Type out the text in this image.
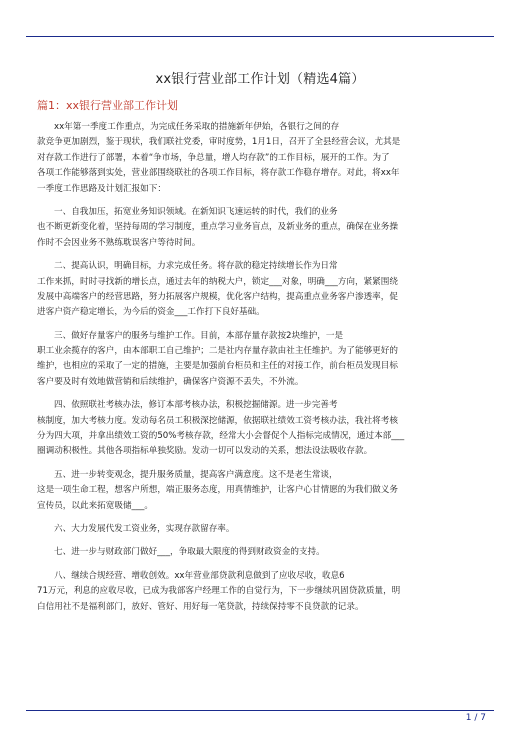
xx银行营业部工作计划（精选4篇）
篇1：xx银行营业部工作计划
xx年第一季度工作重点，为完成任务采取的措施新年伊始，各银行之间的存
款竞争更加剧烈，鉴于现状，我们联社党委，审时度势，1月1日，召开了全县经营会议，尤其是
对存款工作进行了部署，本着“争市场，争总量，增人均存款”的工作目标，展开的工作。为了
各项工作能够落到实处，营业部围绕联社的各项工作目标，将存款工作稳存增存。对此，将xx年
一季度工作思路及计划汇报如下：
一、自我加压，拓宽业务知识领域。在新知识飞速运转的时代，我们的业务
也不断更新变化着，坚持每周的学习制度，重点学习业务盲点，及新业务的重点，确保在业务操
作时不会因业务不熟练耽误客户等待时间。
二、提高认识，明确目标，力求完成任务。将存款的稳定持续增长作为日常
工作来抓，时时寻找新的增长点，通过去年的纳税大户，锁定___对象，明确___方向，紧紧围绕
发展中高端客户的经营思路，努力拓展客户规模，优化客户结构，提高重点业务客户渗透率，促
进客户资产稳定增长，为今后的资金___工作打下良好基础。
三、做好存量客户的服务与维护工作。目前，本部存量存款按2块维护，一是
职工业余揽存的客户，由本部职工自己维护；二是社内存量存款由社主任维护。为了能够更好的
维护，也相应的采取了一定的措施，主要是加强前台柜员和主任的对接工作，前台柜员发现目标
客户要及时有效地做营销和后续维护，确保客户资源不丢失，不外流。
四、依照联社考核办法，修订本部考核办法，积极挖掘储源。进一步完善考
核制度，加大考核力度。发动每名员工积极深挖储源，依据联社绩效工资考核办法，我社将考核
分为四大项，并拿出绩效工资的50%考核存款，经常大小会督促个人指标完成情况，通过本部___
圈调动积极性。其他各项指标单独奖励。发动一切可以发动的关系，想法设法吸收存款。
五、进一步转变观念，提升服务质量，提高客户满意度。这不是老生常谈，
这是一项生命工程，想客户所想，端正服务态度，用真情维护，让客户心甘情愿的为我们做义务
宣传员，以此来拓宽吸储___。
六、大力发展代发工资业务，实现存款留存率。
七、进一步与财政部门做好___，争取最大限度的得到财政资金的支持。
八、继续合规经营、增收创效。xx年营业部贷款利息做到了应收尽收，收息6
71万元，利息的应收尽收，已成为我部客户经理工作的自觉行为，下一步继续巩固贷款质量，明
白信用社不是福利部门，放好、管好、用好每一笔贷款，持续保持零不良贷款的记录。
1 / 7
